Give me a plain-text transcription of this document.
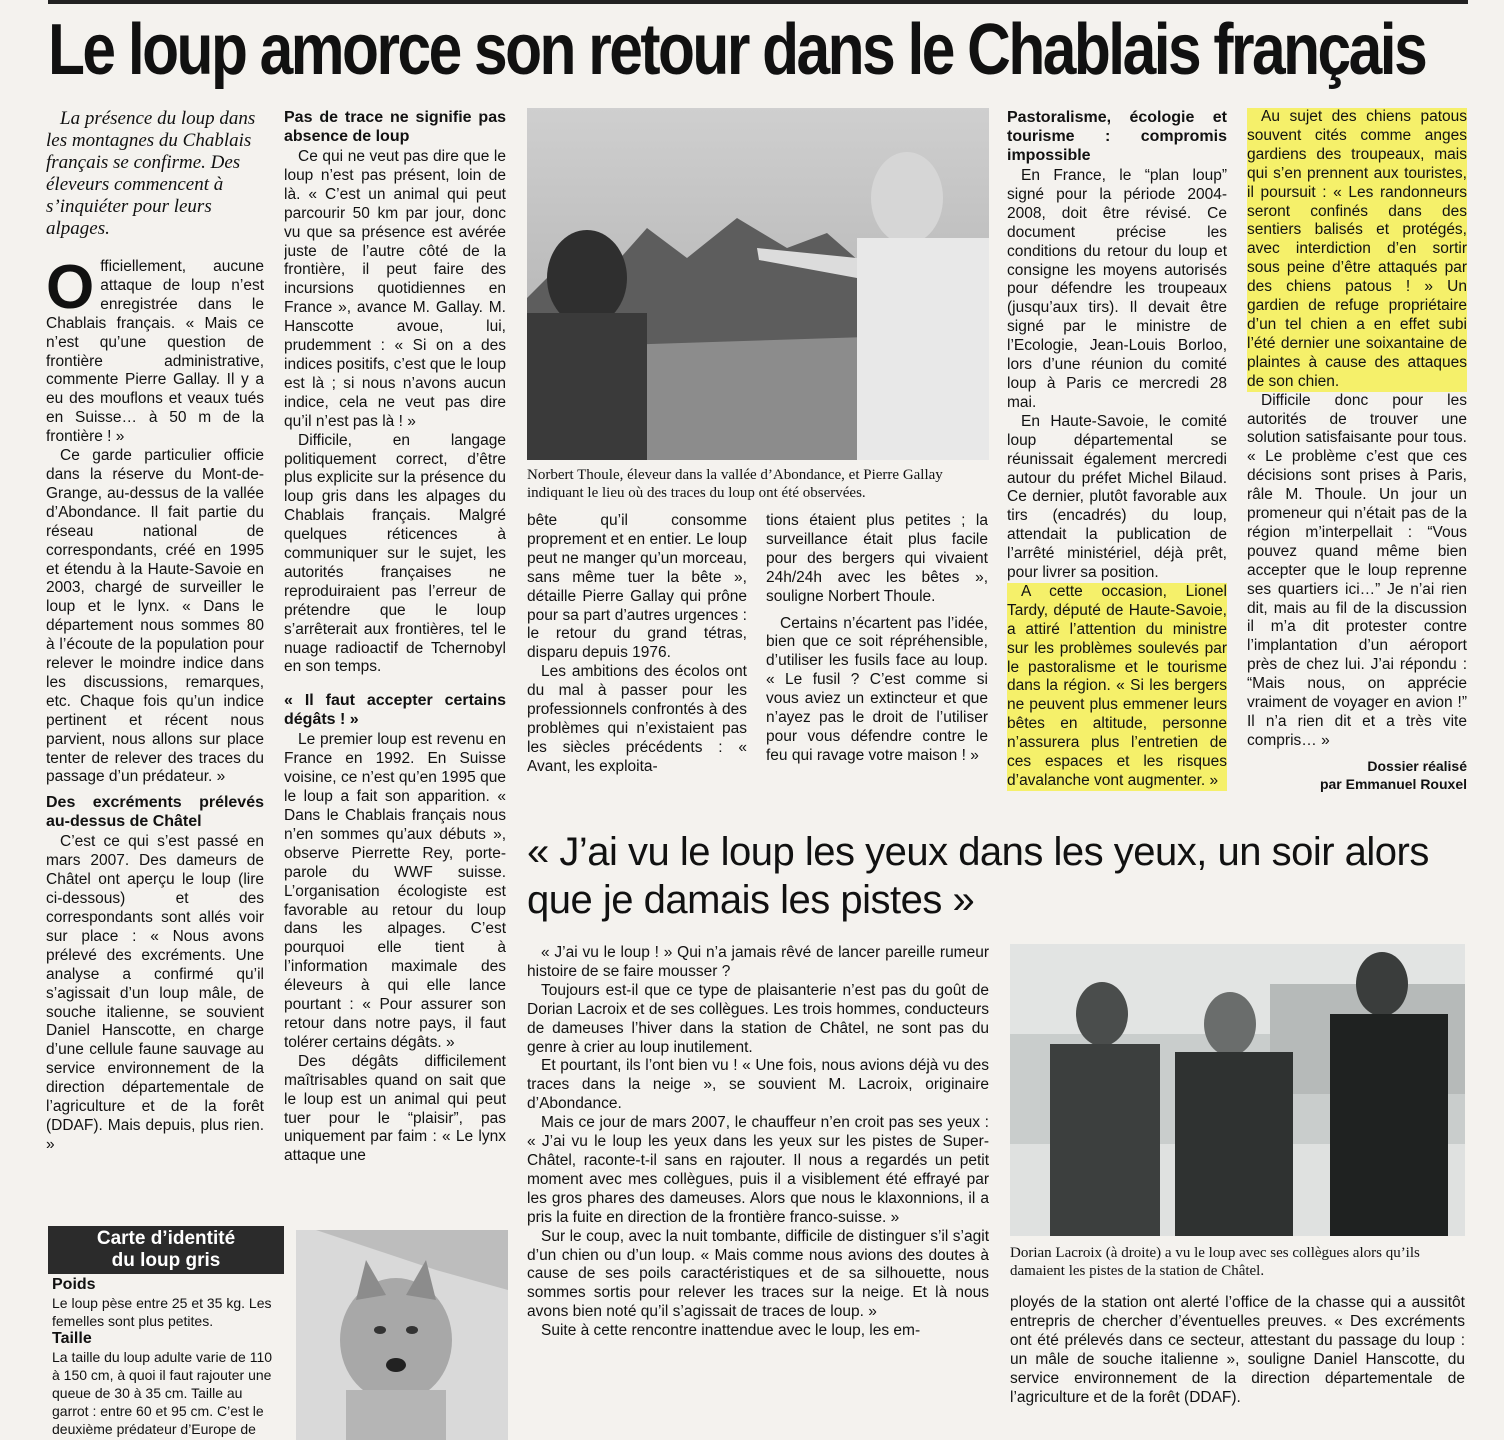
Le loup amorce son retour dans le Chablais français

La présence du loup dans les montagnes du Chablais français se confirme. Des éleveurs commencent à s’inquiéter pour leurs alpages.

O fficiellement, aucune attaque de loup n’est enregistrée dans le Chablais français. « Mais ce n’est qu’une question de frontière administrative, commente Pierre Gallay. Il y a eu des mouflons et veaux tués en Suisse… à 50 m de la frontière ! »

Ce garde particulier officie dans la réserve du Mont-de-Grange, au-dessus de la vallée d’Abondance. Il fait partie du réseau national de correspondants, créé en 1995 et étendu à la Haute-Savoie en 2003, chargé de surveiller le loup et le lynx. « Dans le département nous sommes 80 à l’écoute de la population pour relever le moindre indice dans les discussions, remarques, etc. Chaque fois qu’un indice pertinent et récent nous parvient, nous allons sur place tenter de relever des traces du passage d’un prédateur. »

Des excréments prélevés au-dessus de Châtel

C’est ce qui s’est passé en mars 2007. Des dameurs de Châtel ont aperçu le loup (lire ci-dessous) et des correspondants sont allés voir sur place : « Nous avons prélevé des excréments. Une analyse a confirmé qu’il s’agissait d’un loup mâle, de souche italienne, se souvient Daniel Hanscotte, en charge d’une cellule faune sauvage au service environnement de la direction départementale de l’agriculture et de la forêt (DDAF). Mais depuis, plus rien. »

Pas de trace ne signifie pas absence de loup

Ce qui ne veut pas dire que le loup n’est pas présent, loin de là. « C’est un animal qui peut parcourir 50 km par jour, donc vu que sa présence est avérée juste de l’autre côté de la frontière, il peut faire des incursions quotidiennes en France », avance M. Gallay. M. Hanscotte avoue, lui, prudemment : « Si on a des indices positifs, c’est que le loup est là ; si nous n’avons aucun indice, cela ne veut pas dire qu’il n’est pas là ! »

Difficile, en langage politiquement correct, d’être plus explicite sur la présence du loup gris dans les alpages du Chablais français. Malgré quelques réticences à communiquer sur le sujet, les autorités françaises ne reproduiraient pas l’erreur de prétendre que le loup s’arrêterait aux frontières, tel le nuage radioactif de Tchernobyl en son temps.

« Il faut accepter certains dégâts ! »

Le premier loup est revenu en France en 1992. En Suisse voisine, ce n’est qu’en 1995 que le loup a fait son apparition. « Dans le Chablais français nous n’en sommes qu’aux débuts », observe Pierrette Rey, porte-parole du WWF suisse. L’organisation écologiste est favorable au retour du loup dans les alpages. C’est pourquoi elle tient à l’information maximale des éleveurs à qui elle lance pourtant : « Pour assurer son retour dans notre pays, il faut tolérer certains dégâts. »

Des dégâts difficilement maîtrisables quand on sait que le loup est un animal qui peut tuer pour le “plaisir”, pas uniquement par faim : « Le lynx attaque une

Norbert Thoule, éleveur dans la vallée d’Abondance, et Pierre Gallay indiquant le lieu où des traces du loup ont été observées.

bête qu’il consomme proprement et en entier. Le loup peut ne manger qu’un morceau, sans même tuer la bête », détaille Pierre Gallay qui prône pour sa part d’autres urgences : le retour du grand tétras, disparu depuis 1976.

Les ambitions des écolos ont du mal à passer pour les professionnels confrontés à des problèmes qui n’existaient pas les siècles précédents : « Avant, les exploita-

tions étaient plus petites ; la surveillance était plus facile pour des bergers qui vivaient 24h/24h avec les bêtes », souligne Norbert Thoule.

Certains n’écartent pas l’idée, bien que ce soit répréhensible, d’utiliser les fusils face au loup. « Le fusil ? C’est comme si vous aviez un extincteur et que n’ayez pas le droit de l’utiliser pour vous défendre contre le feu qui ravage votre maison ! »

Pastoralisme, écologie et tourisme : compromis impossible

En France, le “plan loup” signé pour la période 2004-2008, doit être révisé. Ce document précise les conditions du retour du loup et consigne les moyens autorisés pour défendre les troupeaux (jusqu’aux tirs). Il devait être signé par le ministre de l’Ecologie, Jean-Louis Borloo, lors d’une réunion du comité loup à Paris ce mercredi 28 mai.

En Haute-Savoie, le comité loup départemental se réunissait également mercredi autour du préfet Michel Bilaud. Ce dernier, plutôt favorable aux tirs (encadrés) du loup, attendait la publication de l’arrêté ministériel, déjà prêt, pour livrer sa position.

A cette occasion, Lionel Tardy, député de Haute-Savoie, a attiré l’attention du ministre sur les problèmes soulevés par le pastoralisme et le tourisme dans la région. « Si les bergers ne peuvent plus emmener leurs bêtes en altitude, personne n’assurera plus l’entretien de ces espaces et les risques d’avalanche vont augmenter. »

Au sujet des chiens patous souvent cités comme anges gardiens des troupeaux, mais qui s’en prennent aux touristes, il poursuit : « Les randonneurs seront confinés dans des sentiers balisés et protégés, avec interdiction d’en sortir sous peine d’être attaqués par des chiens patous ! » Un gardien de refuge propriétaire d’un tel chien a en effet subi l’été dernier une soixantaine de plaintes à cause des attaques de son chien.

Difficile donc pour les autorités de trouver une solution satisfaisante pour tous. « Le problème c’est que ces décisions sont prises à Paris, râle M. Thoule. Un jour un promeneur qui n’était pas de la région m’interpellait : “Vous pouvez quand même bien accepter que le loup reprenne ses quartiers ici…” Je n’ai rien dit, mais au fil de la discussion il m’a dit protester contre l’implantation d’un aéroport près de chez lui. J’ai répondu : “Mais nous, on apprécie vraiment de voyager en avion !” Il n’a rien dit et a très vite compris… »

Dossier réalisé
par Emmanuel Rouxel
« J’ai vu le loup les yeux dans les yeux, un soir alors que je damais les pistes »

« J’ai vu le loup ! » Qui n’a jamais rêvé de lancer pareille rumeur histoire de se faire mousser ?

Toujours est-il que ce type de plaisanterie n’est pas du goût de Dorian Lacroix et de ses collègues. Les trois hommes, conducteurs de dameuses l’hiver dans la station de Châtel, ne sont pas du genre à crier au loup inutilement.

Et pourtant, ils l’ont bien vu ! « Une fois, nous avions déjà vu des traces dans la neige », se souvient M. Lacroix, originaire d’Abondance.

Mais ce jour de mars 2007, le chauffeur n’en croit pas ses yeux : « J’ai vu le loup les yeux dans les yeux sur les pistes de Super-Châtel, raconte-t-il sans en rajouter. Il nous a regardés un petit moment avec mes collègues, puis il a visiblement été effrayé par les gros phares des dameuses. Alors que nous le klaxonnions, il a pris la fuite en direction de la frontière franco-suisse. »

Sur le coup, avec la nuit tombante, difficile de distinguer s’il s’agit d’un chien ou d’un loup. « Mais comme nous avions des doutes à cause de ses poils caractéristiques et de sa silhouette, nous sommes sortis pour relever les traces sur la neige. Et là nous avons bien noté qu’il s’agissait de traces de loup. »

Suite à cette rencontre inattendue avec le loup, les em-

Dorian Lacroix (à droite) a vu le loup avec ses collègues alors qu’ils damaient les pistes de la station de Châtel.

ployés de la station ont alerté l’office de la chasse qui a aussitôt entrepris de chercher d’éventuelles preuves. « Des excréments ont été prélevés dans ce secteur, attestant du passage du loup : un mâle de souche italienne », souligne Daniel Hanscotte, du service environnement de la direction départementale de l’agriculture et de la forêt (DDAF).

Carte d’identité
du loup gris
Poids
Le loup pèse entre 25 et 35 kg. Les femelles sont plus petites.
Taille
La taille du loup adulte varie de 110 à 150 cm, à quoi il faut rajouter une queue de 30 à 35 cm. Taille au garrot : entre 60 et 95 cm. C’est le deuxième prédateur d’Europe de
